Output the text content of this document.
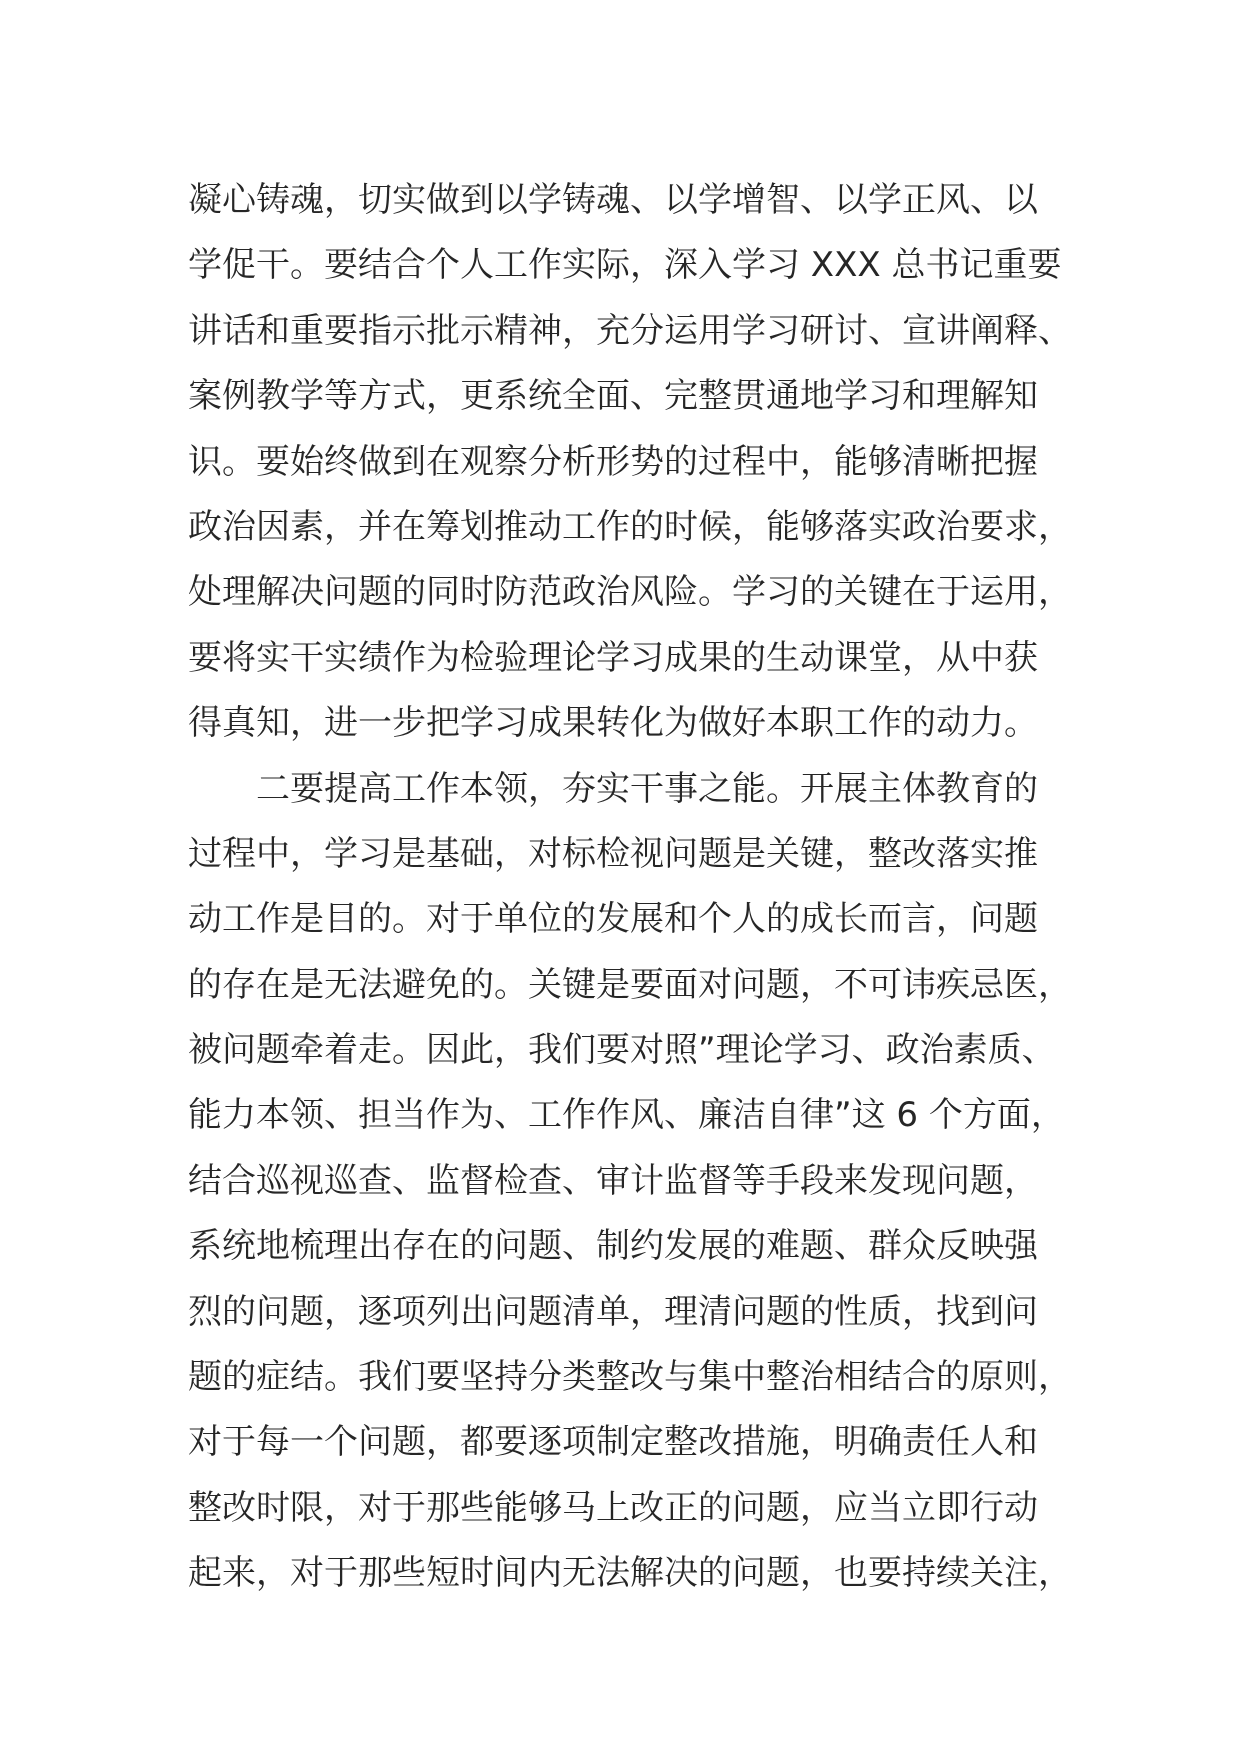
凝心铸魂，切实做到以学铸魂、以学增智、以学正风、以
学促干。要结合个人工作实际，深入学习 XXX 总书记重要
讲话和重要指示批示精神，充分运用学习研讨、宣讲阐释、
案例教学等方式，更系统全面、完整贯通地学习和理解知
识。要始终做到在观察分析形势的过程中，能够清晰把握
政治因素，并在筹划推动工作的时候，能够落实政治要求，
处理解决问题的同时防范政治风险。学习的关键在于运用，
要将实干实绩作为检验理论学习成果的生动课堂，从中获
得真知，进一步把学习成果转化为做好本职工作的动力。
二要提高工作本领，夯实干事之能。开展主体教育的
过程中，学习是基础，对标检视问题是关键，整改落实推
动工作是目的。对于单位的发展和个人的成长而言，问题
的存在是无法避免的。关键是要面对问题，不可讳疾忌医，
被问题牵着走。因此，我们要对照”理论学习、政治素质、
能力本领、担当作为、工作作风、廉洁自律”这 6 个方面，
结合巡视巡查、监督检查、审计监督等手段来发现问题，
系统地梳理出存在的问题、制约发展的难题、群众反映强
烈的问题，逐项列出问题清单，理清问题的性质，找到问
题的症结。我们要坚持分类整改与集中整治相结合的原则，
对于每一个问题，都要逐项制定整改措施，明确责任人和
整改时限，对于那些能够马上改正的问题，应当立即行动
起来，对于那些短时间内无法解决的问题，也要持续关注，
